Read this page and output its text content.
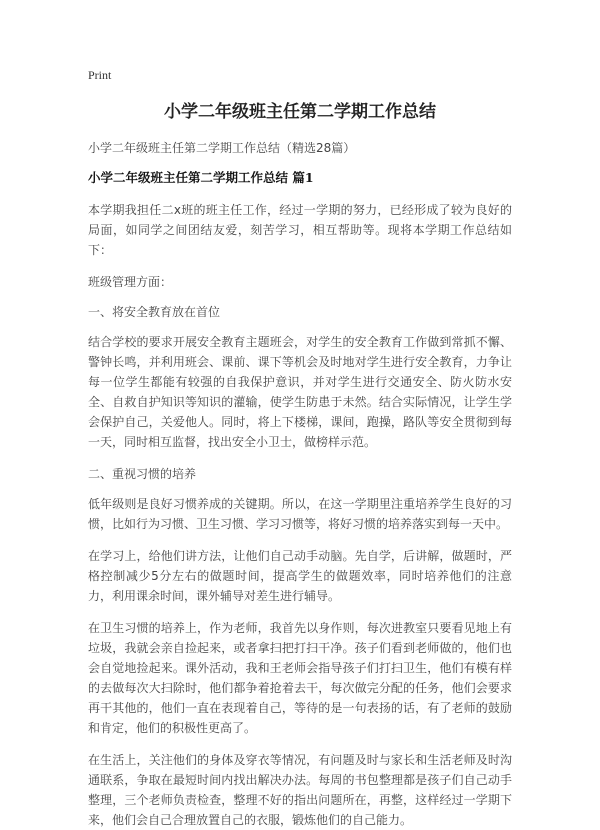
Print
小学二年级班主任第二学期工作总结

小学二年级班主任第二学期工作总结（精选28篇）

小学二年级班主任第二学期工作总结 篇1

本学期我担任二x班的班主任工作，经过一学期的努力，已经形成了较为良好的局面，如同学之间团结友爱，刻苦学习，相互帮助等。现将本学期工作总结如下：

班级管理方面：

一、将安全教育放在首位

结合学校的要求开展安全教育主题班会，对学生的安全教育工作做到常抓不懈、警钟长鸣，并利用班会、课前、课下等机会及时地对学生进行安全教育，力争让每一位学生都能有较强的自我保护意识，并对学生进行交通安全、防火防水安全、自救自护知识等知识的灌输，使学生防患于未然。结合实际情况，让学生学会保护自己，关爱他人。同时，将上下楼梯，课间，跑操，路队等安全贯彻到每一天，同时相互监督，找出安全小卫士，做榜样示范。

二、重视习惯的培养

低年级则是良好习惯养成的关键期。所以，在这一学期里注重培养学生良好的习惯，比如行为习惯、卫生习惯、学习习惯等，将好习惯的培养落实到每一天中。

在学习上，给他们讲方法，让他们自己动手动脑。先自学，后讲解，做题时，严格控制减少5分左右的做题时间，提高学生的做题效率，同时培养他们的注意力，利用课余时间，课外辅导对差生进行辅导。

在卫生习惯的培养上，作为老师，我首先以身作则，每次进教室只要看见地上有垃圾，我就会亲自捡起来，或者拿扫把打扫干净。孩子们看到老师做的，他们也会自觉地捡起来。课外活动，我和王老师会指导孩子们打扫卫生，他们有模有样的去做每次大扫除时，他们都争着抢着去干，每次做完分配的任务，他们会要求再干其他的，他们一直在表现着自己，等待的是一句表扬的话，有了老师的鼓励和肯定，他们的积极性更高了。

在生活上，关注他们的身体及穿衣等情况，有问题及时与家长和生活老师及时沟通联系，争取在最短时间内找出解决办法。每周的书包整理都是孩子们自己动手整理，三个老师负责检查，整理不好的指出问题所在，再整，这样经过一学期下来，他们会自己合理放置自己的衣服，锻炼他们的自己能力。
